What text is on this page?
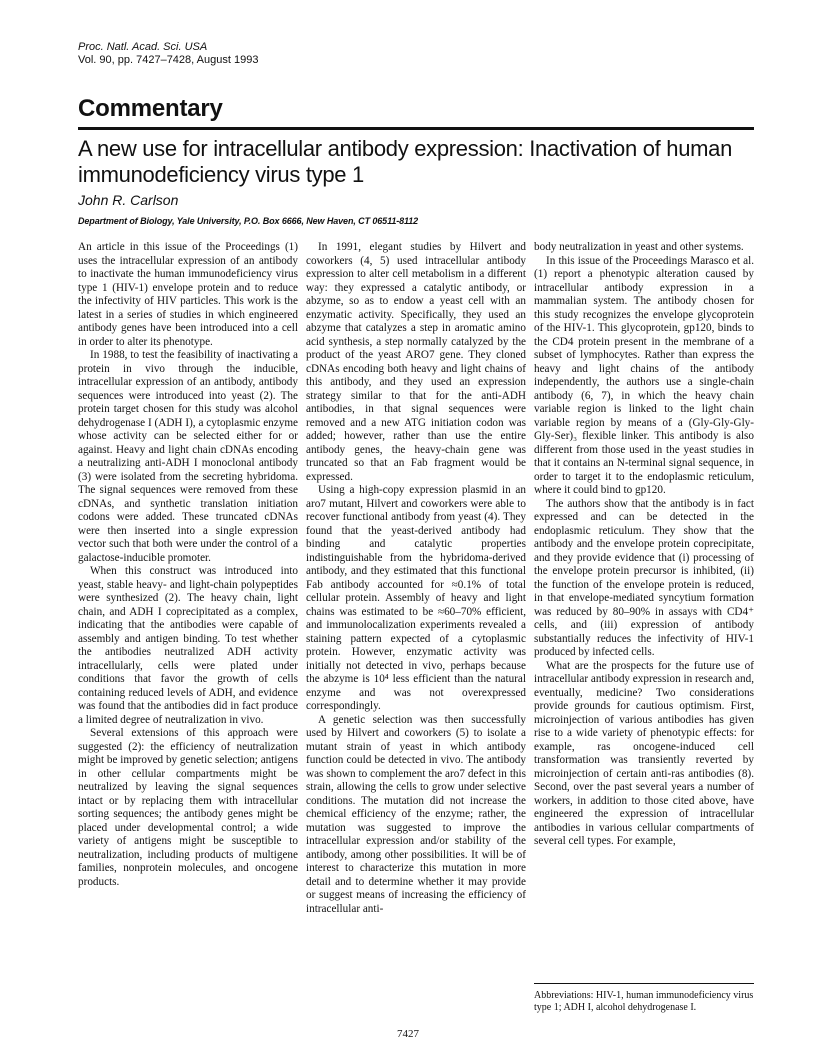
Proc. Natl. Acad. Sci. USA
Vol. 90, pp. 7427–7428, August 1993
Commentary
A new use for intracellular antibody expression: Inactivation of human immunodeficiency virus type 1
John R. Carlson
Department of Biology, Yale University, P.O. Box 6666, New Haven, CT 06511-8112

An article in this issue of the Proceedings (1) uses the intracellular expression of an antibody to inactivate the human immunodeficiency virus type 1 (HIV-1) envelope protein and to reduce the infectivity of HIV particles. This work is the latest in a series of studies in which engineered antibody genes have been introduced into a cell in order to alter its phenotype.

In 1988, to test the feasibility of inactivating a protein in vivo through the inducible, intracellular expression of an antibody, antibody sequences were introduced into yeast (2). The protein target chosen for this study was alcohol dehydrogenase I (ADH I), a cytoplasmic enzyme whose activity can be selected either for or against. Heavy and light chain cDNAs encoding a neutralizing anti-ADH I monoclonal antibody (3) were isolated from the secreting hybridoma. The signal sequences were removed from these cDNAs, and synthetic translation initiation codons were added. These truncated cDNAs were then inserted into a single expression vector such that both were under the control of a galactose-inducible promoter.

When this construct was introduced into yeast, stable heavy- and light-chain polypeptides were synthesized (2). The heavy chain, light chain, and ADH I coprecipitated as a complex, indicating that the antibodies were capable of assembly and antigen binding. To test whether the antibodies neutralized ADH activity intracellularly, cells were plated under conditions that favor the growth of cells containing reduced levels of ADH, and evidence was found that the antibodies did in fact produce a limited degree of neutralization in vivo.

Several extensions of this approach were suggested (2): the efficiency of neutralization might be improved by genetic selection; antigens in other cellular compartments might be neutralized by leaving the signal sequences intact or by replacing them with intracellular sorting sequences; the antibody genes might be placed under developmental control; a wide variety of antigens might be susceptible to neutralization, including products of multigene families, nonprotein molecules, and oncogene products.

In 1991, elegant studies by Hilvert and coworkers (4, 5) used intracellular antibody expression to alter cell metabolism in a different way: they expressed a catalytic antibody, or abzyme, so as to endow a yeast cell with an enzymatic activity. Specifically, they used an abzyme that catalyzes a step in aromatic amino acid synthesis, a step normally catalyzed by the product of the yeast ARO7 gene. They cloned cDNAs encoding both heavy and light chains of this antibody, and they used an expression strategy similar to that for the anti-ADH antibodies, in that signal sequences were removed and a new ATG initiation codon was added; however, rather than use the entire antibody genes, the heavy-chain gene was truncated so that an Fab fragment would be expressed.

Using a high-copy expression plasmid in an aro7 mutant, Hilvert and coworkers were able to recover functional antibody from yeast (4). They found that the yeast-derived antibody had binding and catalytic properties indistinguishable from the hybridoma-derived antibody, and they estimated that this functional Fab antibody accounted for ≈0.1% of total cellular protein. Assembly of heavy and light chains was estimated to be ≈60–70% efficient, and immunolocalization experiments revealed a staining pattern expected of a cytoplasmic protein. However, enzymatic activity was initially not detected in vivo, perhaps because the abzyme is 10⁴ less efficient than the natural enzyme and was not overexpressed correspondingly.

A genetic selection was then successfully used by Hilvert and coworkers (5) to isolate a mutant strain of yeast in which antibody function could be detected in vivo. The antibody was shown to complement the aro7 defect in this strain, allowing the cells to grow under selective conditions. The mutation did not increase the chemical efficiency of the enzyme; rather, the mutation was suggested to improve the intracellular expression and/or stability of the antibody, among other possibilities. It will be of interest to characterize this mutation in more detail and to determine whether it may provide or suggest means of increasing the efficiency of intracellular anti-

body neutralization in yeast and other systems.

In this issue of the Proceedings Marasco et al. (1) report a phenotypic alteration caused by intracellular antibody expression in a mammalian system. The antibody chosen for this study recognizes the envelope glycoprotein of the HIV-1. This glycoprotein, gp120, binds to the CD4 protein present in the membrane of a subset of lymphocytes. Rather than express the heavy and light chains of the antibody independently, the authors use a single-chain antibody (6, 7), in which the heavy chain variable region is linked to the light chain variable region by means of a (Gly-Gly-Gly-Gly-Ser)₃ flexible linker. This antibody is also different from those used in the yeast studies in that it contains an N-terminal signal sequence, in order to target it to the endoplasmic reticulum, where it could bind to gp120.

The authors show that the antibody is in fact expressed and can be detected in the endoplasmic reticulum. They show that the antibody and the envelope protein coprecipitate, and they provide evidence that (i) processing of the envelope protein precursor is inhibited, (ii) the function of the envelope protein is reduced, in that envelope-mediated syncytium formation was reduced by 80–90% in assays with CD4⁺ cells, and (iii) expression of antibody substantially reduces the infectivity of HIV-1 produced by infected cells.

What are the prospects for the future use of intracellular antibody expression in research and, eventually, medicine? Two considerations provide grounds for cautious optimism. First, microinjection of various antibodies has given rise to a wide variety of phenotypic effects: for example, ras oncogene-induced cell transformation was transiently reverted by microinjection of certain anti-ras antibodies (8). Second, over the past several years a number of workers, in addition to those cited above, have engineered the expression of intracellular antibodies in various cellular compartments of several cell types. For example,

Abbreviations: HIV-1, human immunodeficiency virus type 1; ADH I, alcohol dehydrogenase I.
7427
